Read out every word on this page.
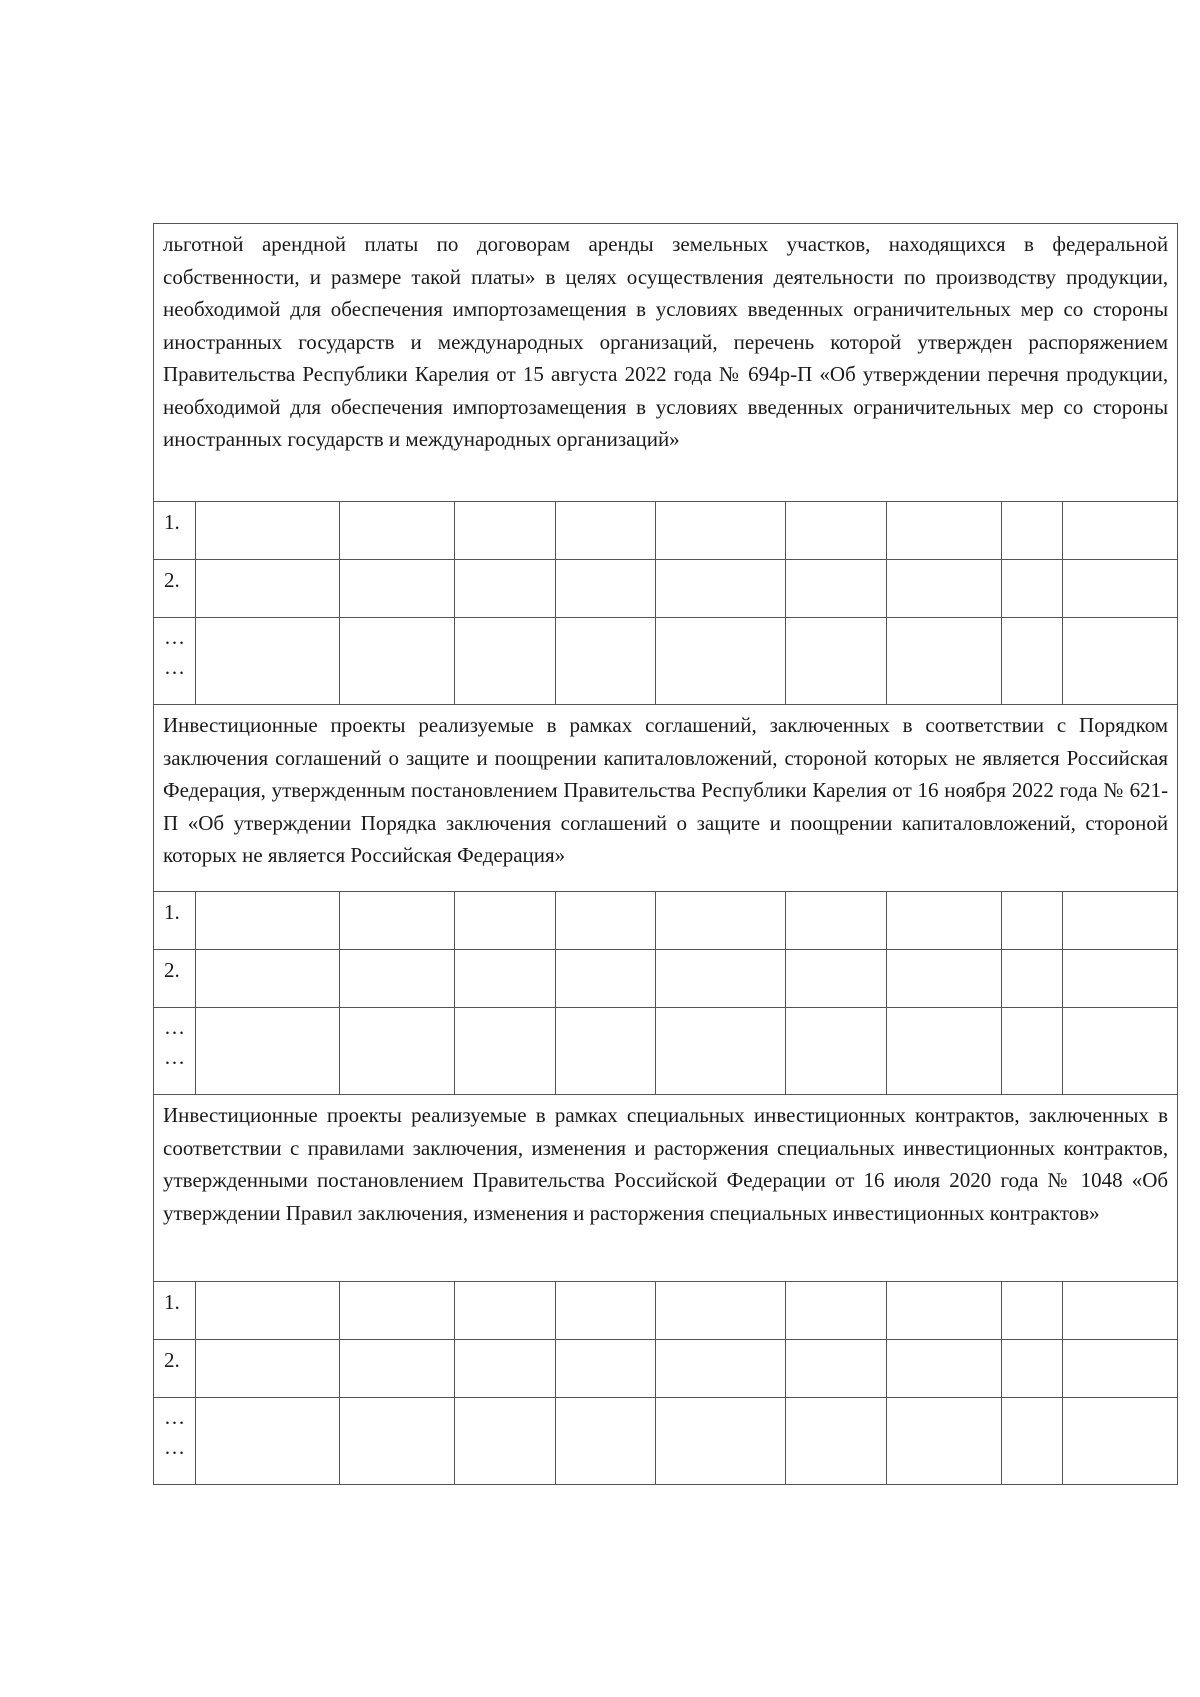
льготной арендной платы по договорам аренды земельных участков, находящихся в федеральной собственности, и размере такой платы» в целях осуществления деятельности по производству продукции, необходимой для обеспечения импортозамещения в условиях введенных ограничительных мер со стороны иностранных государств и международных организаций, перечень которой утвержден распоряжением Правительства Республики Карелия от 15 августа 2022 года № 694р-П «Об утверждении перечня продукции, необходимой для обеспечения импортозамещения в условиях введенных ограничительных мер со стороны иностранных государств и международных организаций»									

1.									
2.									

…
…									

Инвестиционные проекты реализуемые в рамках соглашений, заключенных в соответствии с Порядком заключения соглашений о защите и поощрении капиталовложений, стороной которых не является Российская Федерация, утвержденным постановлением Правительства Республики Карелия от 16 ноября 2022 года № 621-П «Об утверждении Порядка заключения соглашений о защите и поощрении капиталовложений, стороной которых не является Российская Федерация»									

1.									
2.									

…
…									

Инвестиционные проекты реализуемые в рамках специальных инвестиционных контрактов, заключенных в соответствии с правилами заключения, изменения и расторжения специальных инвестиционных контрактов, утвержденными постановлением Правительства Российской Федерации от 16 июля 2020 года № 1048 «Об утверждении Правил заключения, изменения и расторжения специальных инвестиционных контрактов»									

1.									
2.									

…
…									
